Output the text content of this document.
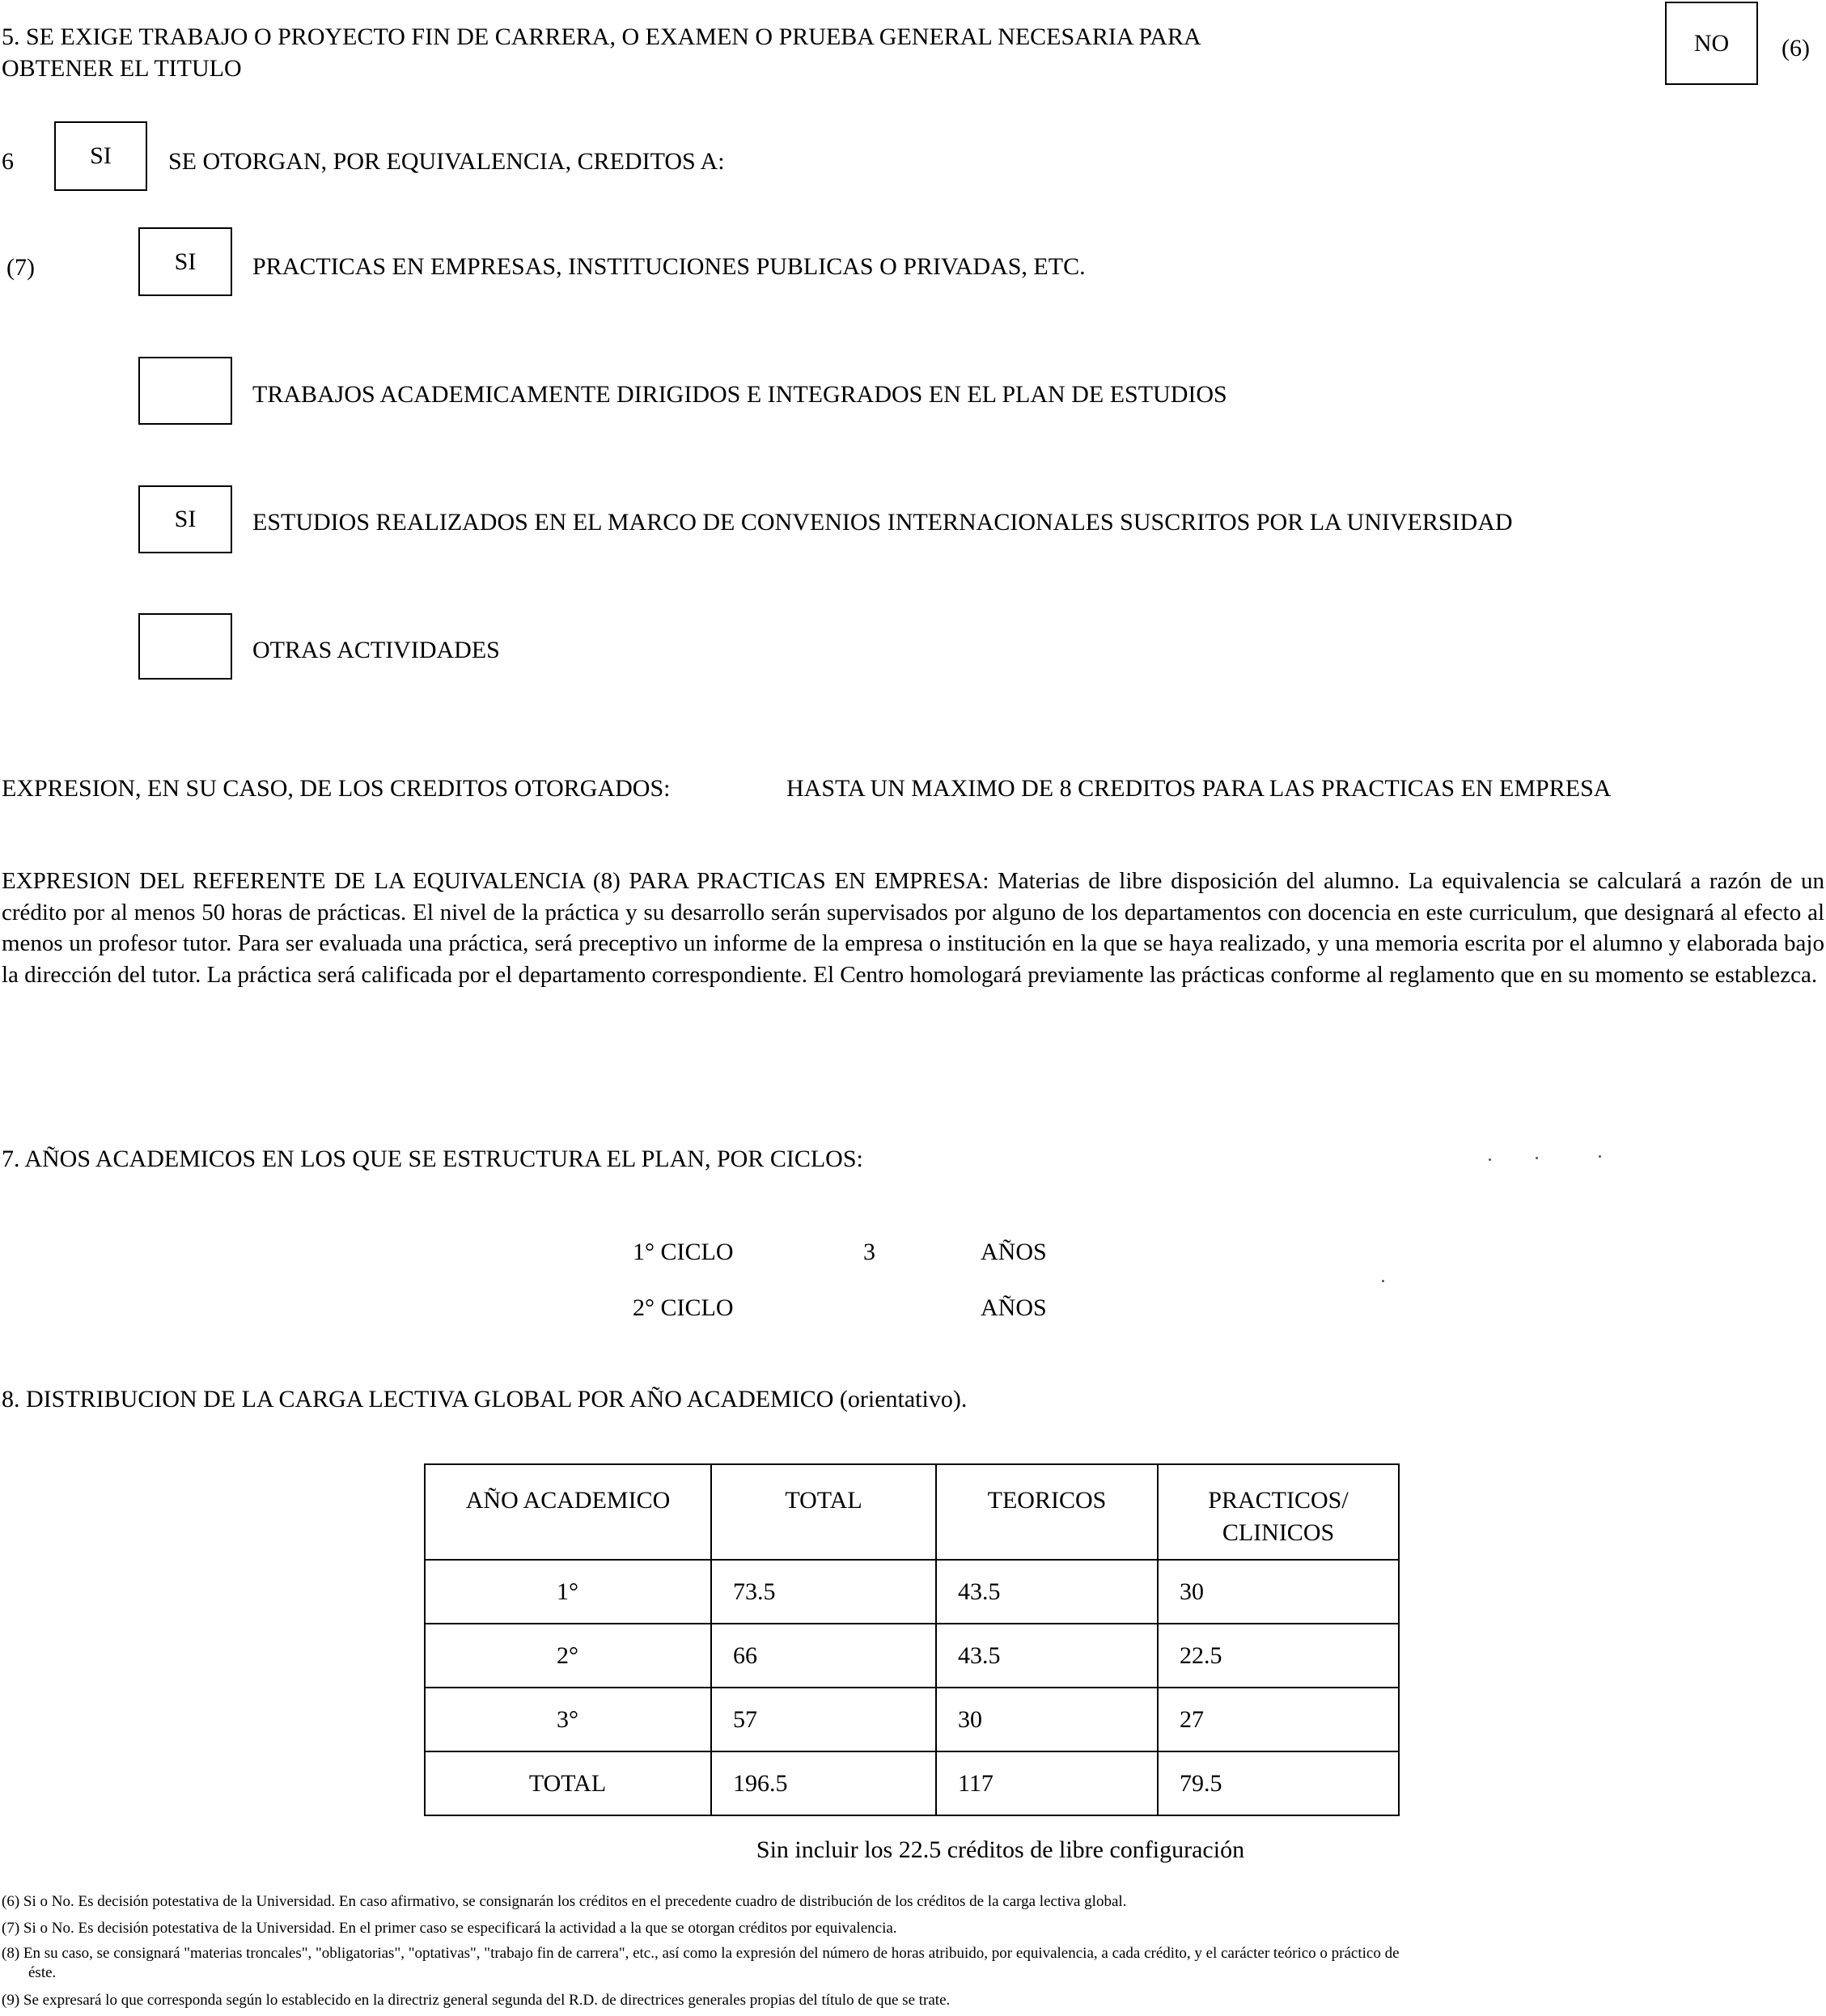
5. SE EXIGE TRABAJO O PROYECTO FIN DE CARRERA, O EXAMEN O PRUEBA GENERAL NECESARIA PARA
OBTENER EL TITULO
NO	(6)
6	SI	SE OTORGAN, POR EQUIVALENCIA, CREDITOS A:
(7)	SI	PRACTICAS EN EMPRESAS, INSTITUCIONES PUBLICAS O PRIVADAS, ETC.
TRABAJOS ACADEMICAMENTE DIRIGIDOS E INTEGRADOS EN EL PLAN DE ESTUDIOS
SI	ESTUDIOS REALIZADOS EN EL MARCO DE CONVENIOS INTERNACIONALES SUSCRITOS POR LA UNIVERSIDAD
OTRAS ACTIVIDADES
EXPRESION, EN SU CASO, DE LOS CREDITOS OTORGADOS:	HASTA UN MAXIMO DE 8 CREDITOS PARA LAS PRACTICAS EN EMPRESA
EXPRESION DEL REFERENTE DE LA EQUIVALENCIA (8) PARA PRACTICAS EN EMPRESA: Materias de libre disposición del alumno. La equivalencia se calculará a razón de un crédito por al menos 50 horas de prácticas. El nivel de la práctica y su desarrollo serán supervisados por alguno de los departamentos con docencia en este curriculum, que designará al efecto al menos un profesor tutor. Para ser evaluada una práctica, será preceptivo un informe de la empresa o institución en la que se haya realizado, y una memoria escrita por el alumno y elaborada bajo la dirección del tutor. La práctica será calificada por el departamento correspondiente. El Centro homologará previamente las prácticas conforme al reglamento que en su momento se establezca.
7. AÑOS ACADEMICOS EN LOS QUE SE ESTRUCTURA EL PLAN, POR CICLOS:
1° CICLO	3	AÑOS
2° CICLO	AÑOS
8. DISTRIBUCION DE LA CARGA LECTIVA GLOBAL POR AÑO ACADEMICO (orientativo).
AÑO ACADEMICO	TOTAL	TEORICOS	PRACTICOS/ CLINICOS
1°	73.5	43.5	30
2°	66	43.5	22.5
3°	57	30	27
TOTAL	196.5	117	79.5
Sin incluir los 22.5 créditos de libre configuración
(6) Si o No. Es decisión potestativa de la Universidad. En caso afirmativo, se consignarán los créditos en el precedente cuadro de distribución de los créditos de la carga lectiva global.
(7) Si o No. Es decisión potestativa de la Universidad. En el primer caso se especificará la actividad a la que se otorgan créditos por equivalencia.
(8) En su caso, se consignará "materias troncales", "obligatorias", "optativas", "trabajo fin de carrera", etc., así como la expresión del número de horas atribuido, por equivalencia, a cada crédito, y el carácter teórico o práctico de
éste.
(9) Se expresará lo que corresponda según lo establecido en la directriz general segunda del R.D. de directrices generales propias del título de que se trate.
